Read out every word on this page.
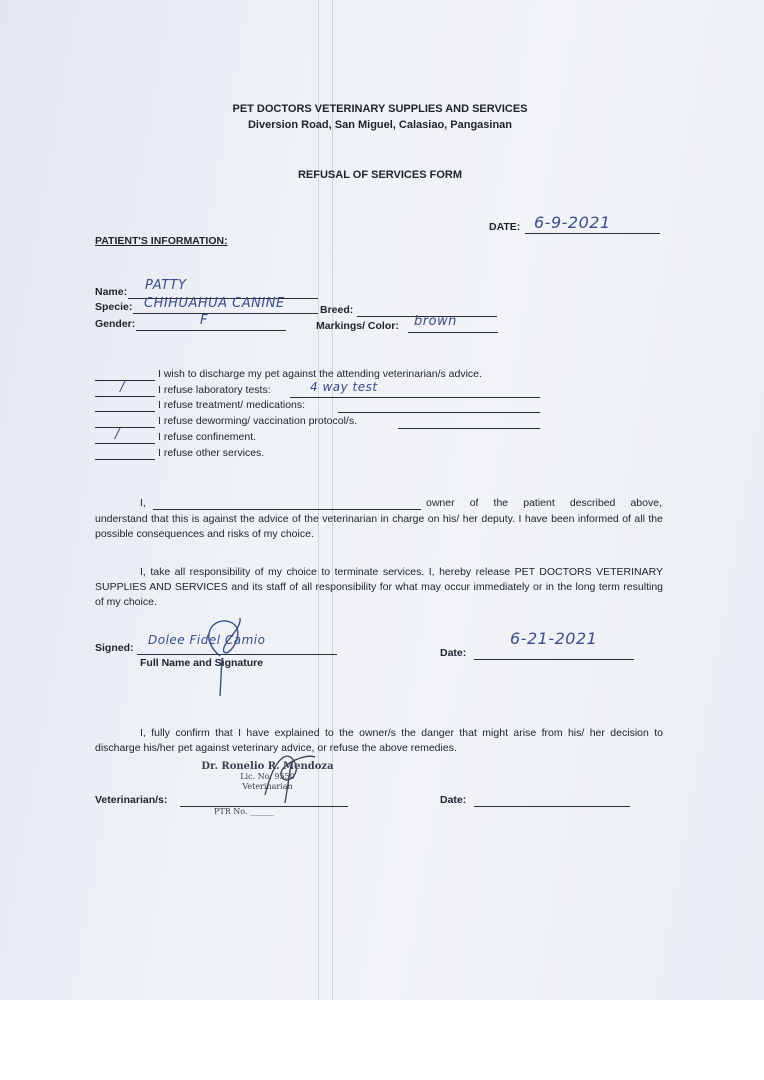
PET DOCTORS VETERINARY SUPPLIES AND SERVICES
Diversion Road, San Miguel, Calasiao, Pangasinan
REFUSAL OF SERVICES FORM
DATE: 6-9-2021
PATIENT'S INFORMATION:
Name: PATTY
Specie: CHIHUAHUA CANINE	Breed:
Gender:	F	Markings/ Color: brown
I wish to discharge my pet against the attending veterinarian/s advice.
/	I refuse laboratory tests:	4 way test
I refuse treatment/ medications:
I refuse deworming/ vaccination protocol/s.
/	I refuse confinement.
I refuse other services.
I,	owner of the patient described above,
understand that this is against the advice of the veterinarian in charge on his/ her deputy. I have been informed of all the possible consequences and risks of my choice.
I, take all responsibility of my choice to terminate services. I, hereby release PET DOCTORS VETERINARY SUPPLIES AND SERVICES and its staff of all responsibility for what may occur immediately or in the long term resulting of my choice.
Signed:
Dolee Fidel Camio
Full Name and Signature
Date:
6-21-2021
I, fully confirm that I have explained to the owner/s the danger that might arise from his/ her decision to discharge his/her pet against veterinary advice, or refuse the above remedies.
Veterinarian/s:
Dr. Ronelio R. Mendoza
Lic. No. 9550
Veterinarian
PTR No. ______
Date:
